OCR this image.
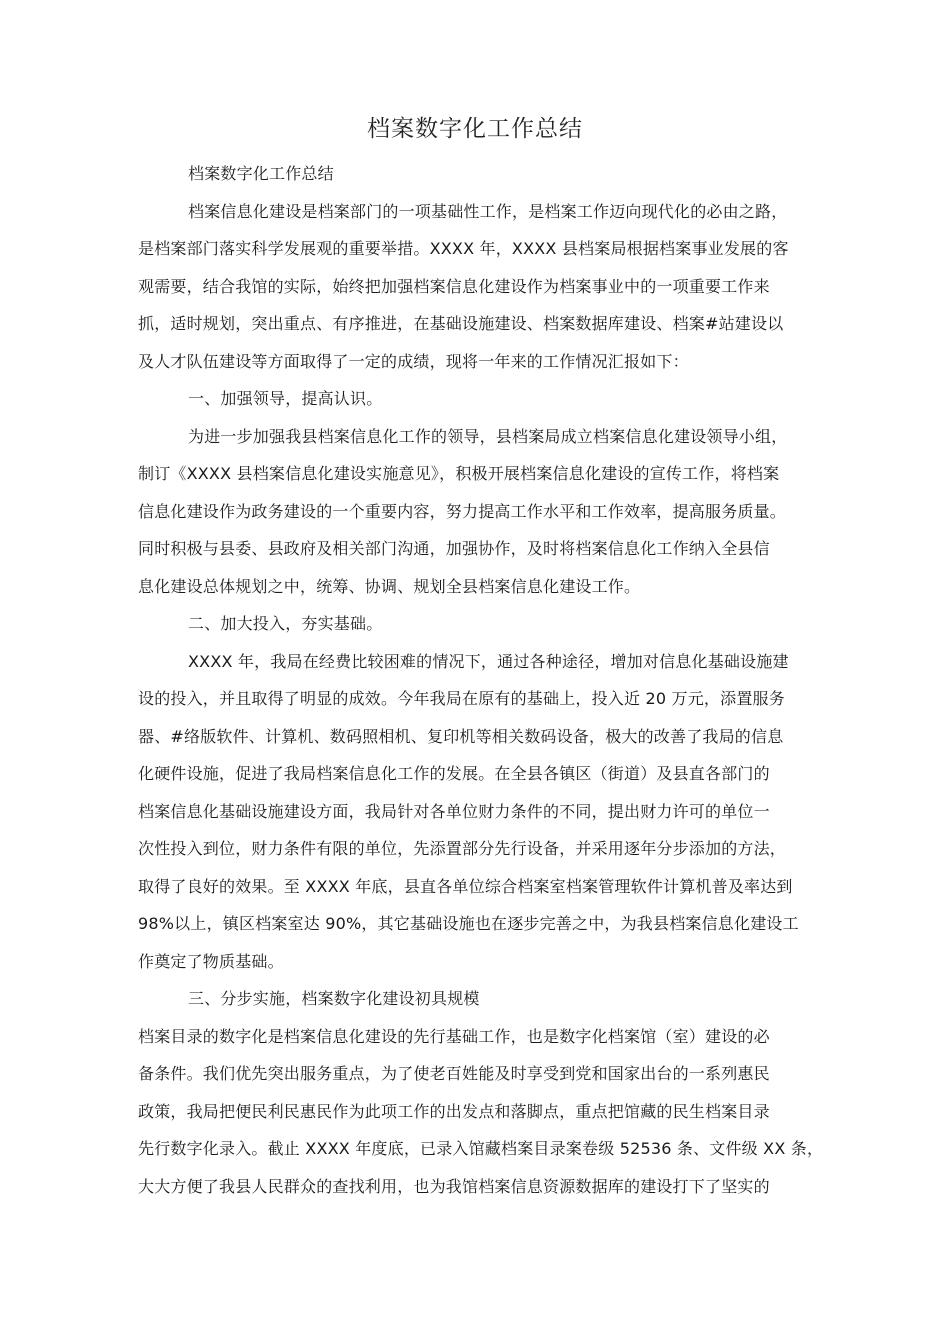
档案数字化工作总结
档案数字化工作总结
档案信息化建设是档案部门的一项基础性工作，是档案工作迈向现代化的必由之路，
是档案部门落实科学发展观的重要举措。XXXX 年，XXXX 县档案局根据档案事业发展的客
观需要，结合我馆的实际，始终把加强档案信息化建设作为档案事业中的一项重要工作来
抓，适时规划，突出重点、有序推进，在基础设施建设、档案数据库建设、档案#站建设以
及人才队伍建设等方面取得了一定的成绩，现将一年来的工作情况汇报如下：
一、加强领导，提高认识。
为进一步加强我县档案信息化工作的领导，县档案局成立档案信息化建设领导小组，
制订《XXXX 县档案信息化建设实施意见》，积极开展档案信息化建设的宣传工作，将档案
信息化建设作为政务建设的一个重要内容，努力提高工作水平和工作效率，提高服务质量。
同时积极与县委、县政府及相关部门沟通，加强协作，及时将档案信息化工作纳入全县信
息化建设总体规划之中，统筹、协调、规划全县档案信息化建设工作。
二、加大投入，夯实基础。
XXXX 年，我局在经费比较困难的情况下，通过各种途径，增加对信息化基础设施建
设的投入，并且取得了明显的成效。今年我局在原有的基础上，投入近 20 万元，添置服务
器、#络版软件、计算机、数码照相机、复印机等相关数码设备，极大的改善了我局的信息
化硬件设施，促进了我局档案信息化工作的发展。在全县各镇区（街道）及县直各部门的
档案信息化基础设施建设方面，我局针对各单位财力条件的不同，提出财力许可的单位一
次性投入到位，财力条件有限的单位，先添置部分先行设备，并采用逐年分步添加的方法，
取得了良好的效果。至 XXXX 年底，县直各单位综合档案室档案管理软件计算机普及率达到
98%以上，镇区档案室达 90%，其它基础设施也在逐步完善之中，为我县档案信息化建设工
作奠定了物质基础。
三、分步实施，档案数字化建设初具规模
档案目录的数字化是档案信息化建设的先行基础工作，也是数字化档案馆（室）建设的必
备条件。我们优先突出服务重点，为了使老百姓能及时享受到党和国家出台的一系列惠民
政策，我局把便民利民惠民作为此项工作的出发点和落脚点，重点把馆藏的民生档案目录
先行数字化录入。截止 XXXX 年度底，已录入馆藏档案目录案卷级 52536 条、文件级 XX 条，
大大方便了我县人民群众的查找利用，也为我馆档案信息资源数据库的建设打下了坚实的
